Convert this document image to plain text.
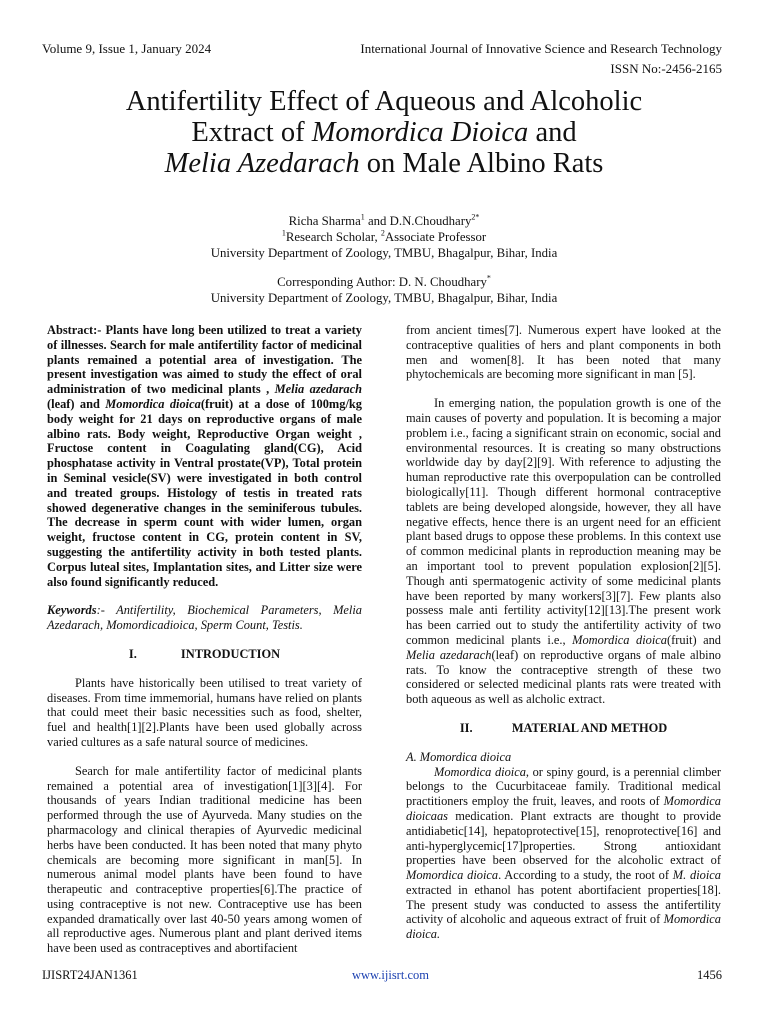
Volume 9, Issue 1, January 2024	International Journal of Innovative Science and Research Technology
ISSN No:-2456-2165
Antifertility Effect of Aqueous and Alcoholic
Extract of Momordica Dioica and
Melia Azedarach on Male Albino Rats
Richa Sharma$^1$ and D.N.Choudhary$^{2*}$
$^1$Research Scholar, $^2$Associate Professor
University Department of Zoology, TMBU, Bhagalpur, Bihar, India
Corresponding Author: D. N. Choudhary*
University Department of Zoology, TMBU, Bhagalpur, Bihar, India

Abstract:- Plants have long been utilized to treat a variety of illnesses. Search for male antifertility factor of medicinal plants remained a potential area of investigation. The present investigation was aimed to study the effect of oral administration of two medicinal plants , Melia azedarach (leaf) and Momordica dioica(fruit) at a dose of 100mg/kg body weight for 21 days on reproductive organs of male albino rats. Body weight, Reproductive Organ weight , Fructose content in Coagulating gland(CG), Acid phosphatase activity in Ventral prostate(VP), Total protein in Seminal vesicle(SV) were investigated in both control and treated groups. Histology of testis in treated rats showed degenerative changes in the seminiferous tubules. The decrease in sperm count with wider lumen, organ weight, fructose content in CG, protein content in SV, suggesting the antifertility activity in both tested plants. Corpus luteal sites, Implantation sites, and Litter size were also found significantly reduced.

Keywords:- Antifertility, Biochemical Parameters, Melia Azedarach, Momordicadioica, Sperm Count, Testis.

I.	INTRODUCTION

Plants have historically been utilised to treat variety of diseases. From time immemorial, humans have relied on plants that could meet their basic necessities such as food, shelter, fuel and health[1][2].Plants have been used globally across varied cultures as a safe natural source of medicines.

Search for male antifertility factor of medicinal plants remained a potential area of investigation[1][3][4]. For thousands of years Indian traditional medicine has been performed through the use of Ayurveda. Many studies on the pharmacology and clinical therapies of Ayurvedic medicinal herbs have been conducted. It has been noted that many phyto chemicals are becoming more significant in man[5]. In numerous animal model plants have been found to have therapeutic and contraceptive properties[6].The practice of using contraceptive is not new. Contraceptive use has been expanded dramatically over last 40-50 years among women of all reproductive ages. Numerous plant and plant derived items have been used as contraceptives and abortifacient

from ancient times[7]. Numerous expert have looked at the contraceptive qualities of hers and plant components in both men and women[8]. It has been noted that many phytochemicals are becoming more significant in man [5].

In emerging nation, the population growth is one of the main causes of poverty and population. It is becoming a major problem i.e., facing a significant strain on economic, social and environmental resources. It is creating so many obstructions worldwide day by day[2][9]. With reference to adjusting the human reproductive rate this overpopulation can be controlled biologically[11]. Though different hormonal contraceptive tablets are being developed alongside, however, they all have negative effects, hence there is an urgent need for an efficient plant based drugs to oppose these problems. In this context use of common medicinal plants in reproduction meaning may be an important tool to prevent population explosion[2][5]. Though anti spermatogenic activity of some medicinal plants have been reported by many workers[3][7]. Few plants also possess male anti fertility activity[12][13].The present work has been carried out to study the antifertility activity of two common medicinal plants i.e., Momordica dioica(fruit) and Melia azedarach(leaf) on reproductive organs of male albino rats. To know the contraceptive strength of these two considered or selected medicinal plants rats were treated with both aqueous as well as alcholic extract.

II.	MATERIAL AND METHOD

A. Momordica dioica

Momordica dioica, or spiny gourd, is a perennial climber belongs to the Cucurbitaceae family. Traditional medical practitioners employ the fruit, leaves, and roots of Momordica dioicaas medication. Plant extracts are thought to provide antidiabetic[14], hepatoprotective[15], renoprotective[16] and anti-hyperglycemic[17]properties. Strong antioxidant properties have been observed for the alcoholic extract of Momordica dioica. According to a study, the root of M. dioica extracted in ethanol has potent abortifacient properties[18]. The present study was conducted to assess the antifertility activity of alcoholic and aqueous extract of fruit of Momordica dioica.

IJISRT24JAN1361	www.ijisrt.com	1456
